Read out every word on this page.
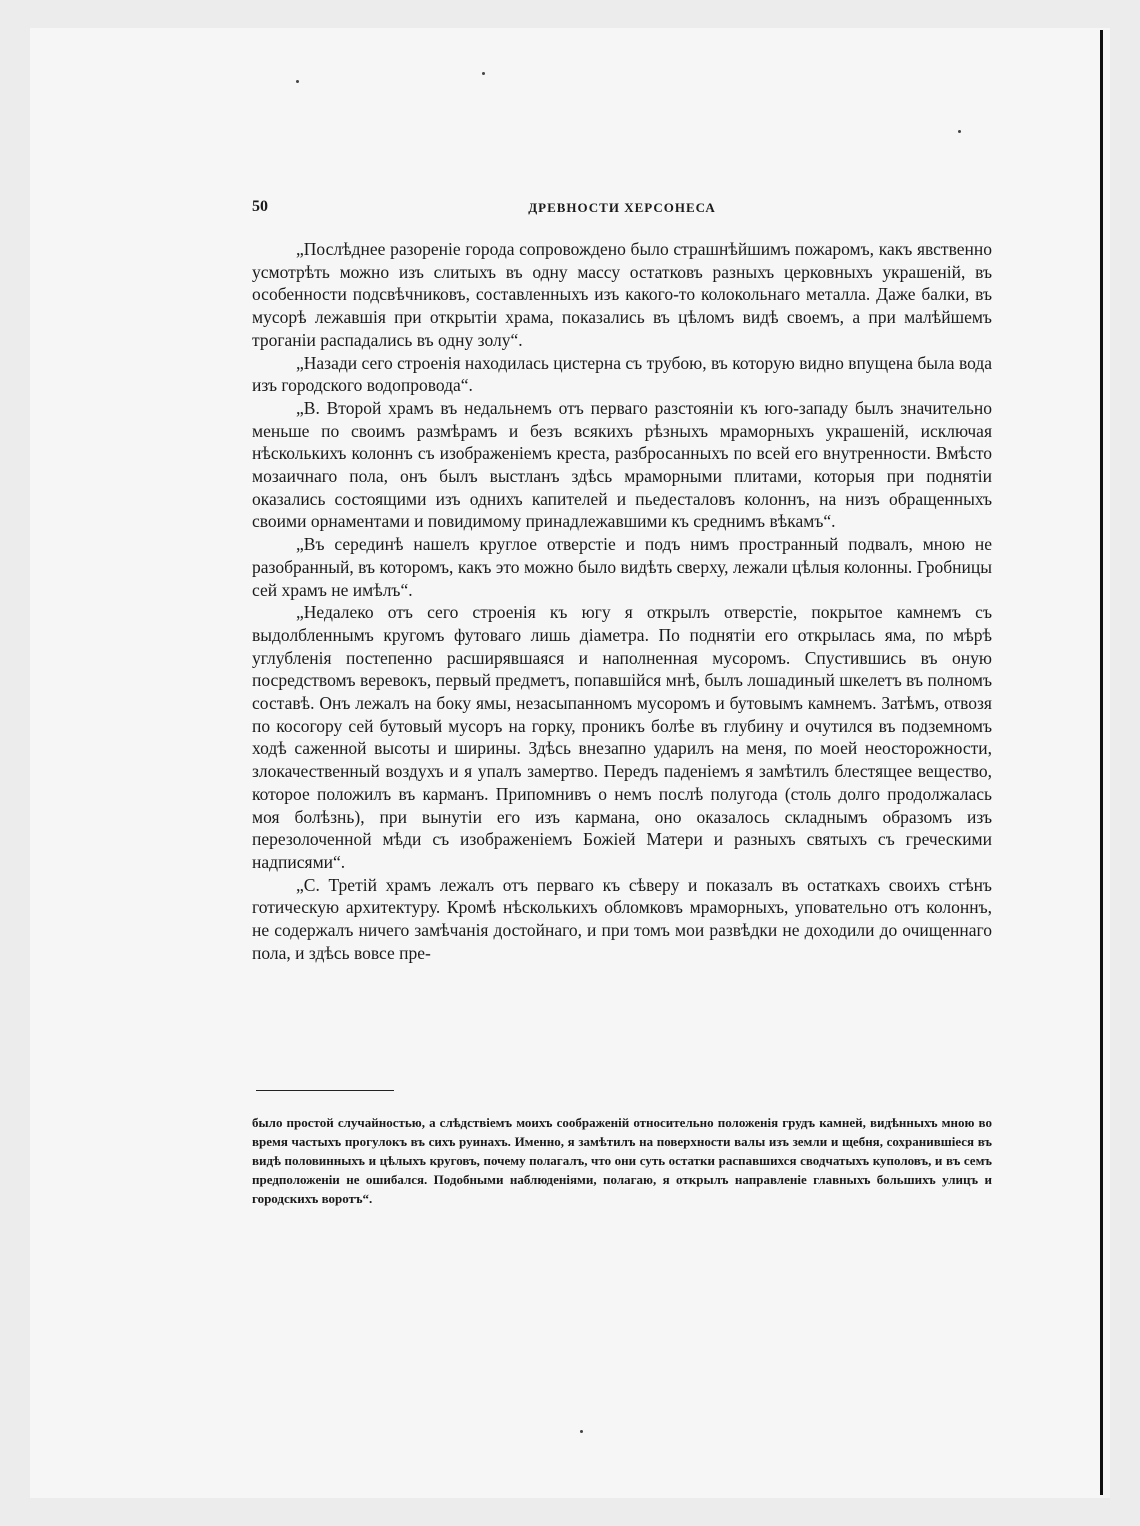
50	ДРЕВНОСТИ ХЕРСОНЕСА

„Послѣднее разореніе города сопровождено было страшнѣйшимъ пожаромъ, какъ явственно усмотрѣть можно изъ слитыхъ въ одну массу остатковъ разныхъ церковныхъ украшеній, въ особенности подсвѣчниковъ, составленныхъ изъ какого-то колокольнаго металла. Даже балки, въ мусорѣ лежавшія при открытіи храма, показались въ цѣломъ видѣ своемъ, а при малѣйшемъ троганіи распадались въ одну золу“.

„Назади сего строенія находилась цистерна съ трубою, въ которую видно впущена была вода изъ городского водопровода“.

„В. Второй храмъ въ недальнемъ отъ перваго разстояніи къ юго-западу былъ значительно меньше по своимъ размѣрамъ и безъ всякихъ рѣзныхъ мраморныхъ украшеній, исключая нѣсколькихъ колоннъ съ изображеніемъ креста, разбросанныхъ по всей его внутренности. Вмѣсто мозаичнаго пола, онъ былъ выстланъ здѣсь мраморными плитами, которыя при поднятіи оказались состоящими изъ однихъ капителей и пьедесталовъ колоннъ, на низъ обращенныхъ своими орнаментами и повидимому принадлежавшими къ среднимъ вѣкамъ“.

„Въ серединѣ нашелъ круглое отверстіе и подъ нимъ пространный подвалъ, мною не разобранный, въ которомъ, какъ это можно было видѣть сверху, лежали цѣлыя колонны. Гробницы сей храмъ не имѣлъ“.

„Недалеко отъ сего строенія къ югу я открылъ отверстіе, покрытое камнемъ съ выдолбленнымъ кругомъ футоваго лишь діаметра. По поднятіи его открылась яма, по мѣрѣ углубленія постепенно расширявшаяся и наполненная мусоромъ. Спустившись въ оную посредствомъ веревокъ, первый предметъ, попавшійся мнѣ, былъ лошадиный шкелетъ въ полномъ составѣ. Онъ лежалъ на боку ямы, незасыпанномъ мусоромъ и бутовымъ камнемъ. Затѣмъ, отвозя по косогору сей бутовый мусоръ на горку, проникъ болѣе въ глубину и очутился въ подземномъ ходѣ саженной высоты и ширины. Здѣсь внезапно ударилъ на меня, по моей неосторожности, злокачественный воздухъ и я упалъ замертво. Передъ паденіемъ я замѣтилъ блестящее вещество, которое положилъ въ карманъ. Припомнивъ о немъ послѣ полугода (столь долго продолжалась моя болѣзнь), при вынутіи его изъ кармана, оно оказалось складнымъ образомъ изъ перезолоченной мѣди съ изображеніемъ Божіей Матери и разныхъ святыхъ съ греческими надписями“.

„С. Третій храмъ лежалъ отъ перваго къ сѣверу и показалъ въ остаткахъ своихъ стѣнъ готическую архитектуру. Кромѣ нѣсколькихъ обломковъ мраморныхъ, уповательно отъ колоннъ, не содержалъ ничего замѣчанія достойнаго, и при томъ мои развѣдки не доходили до очищеннаго пола, и здѣсь вовсе пре-

было простой случайностью, а слѣдствіемъ моихъ соображеній относительно положенія грудъ камней, видѣнныхъ мною во время частыхъ прогулокъ въ сихъ руинахъ. Именно, я замѣтилъ на поверхности валы изъ земли и щебня, сохранившіеся въ видѣ половинныхъ и цѣлыхъ круговъ, почему полагалъ, что они суть остатки распавшихся сводчатыхъ куполовъ, и въ семъ предположеніи не ошибался. Подобными наблюденіями, полагаю, я открылъ направленіе главныхъ большихъ улицъ и городскихъ воротъ“.
